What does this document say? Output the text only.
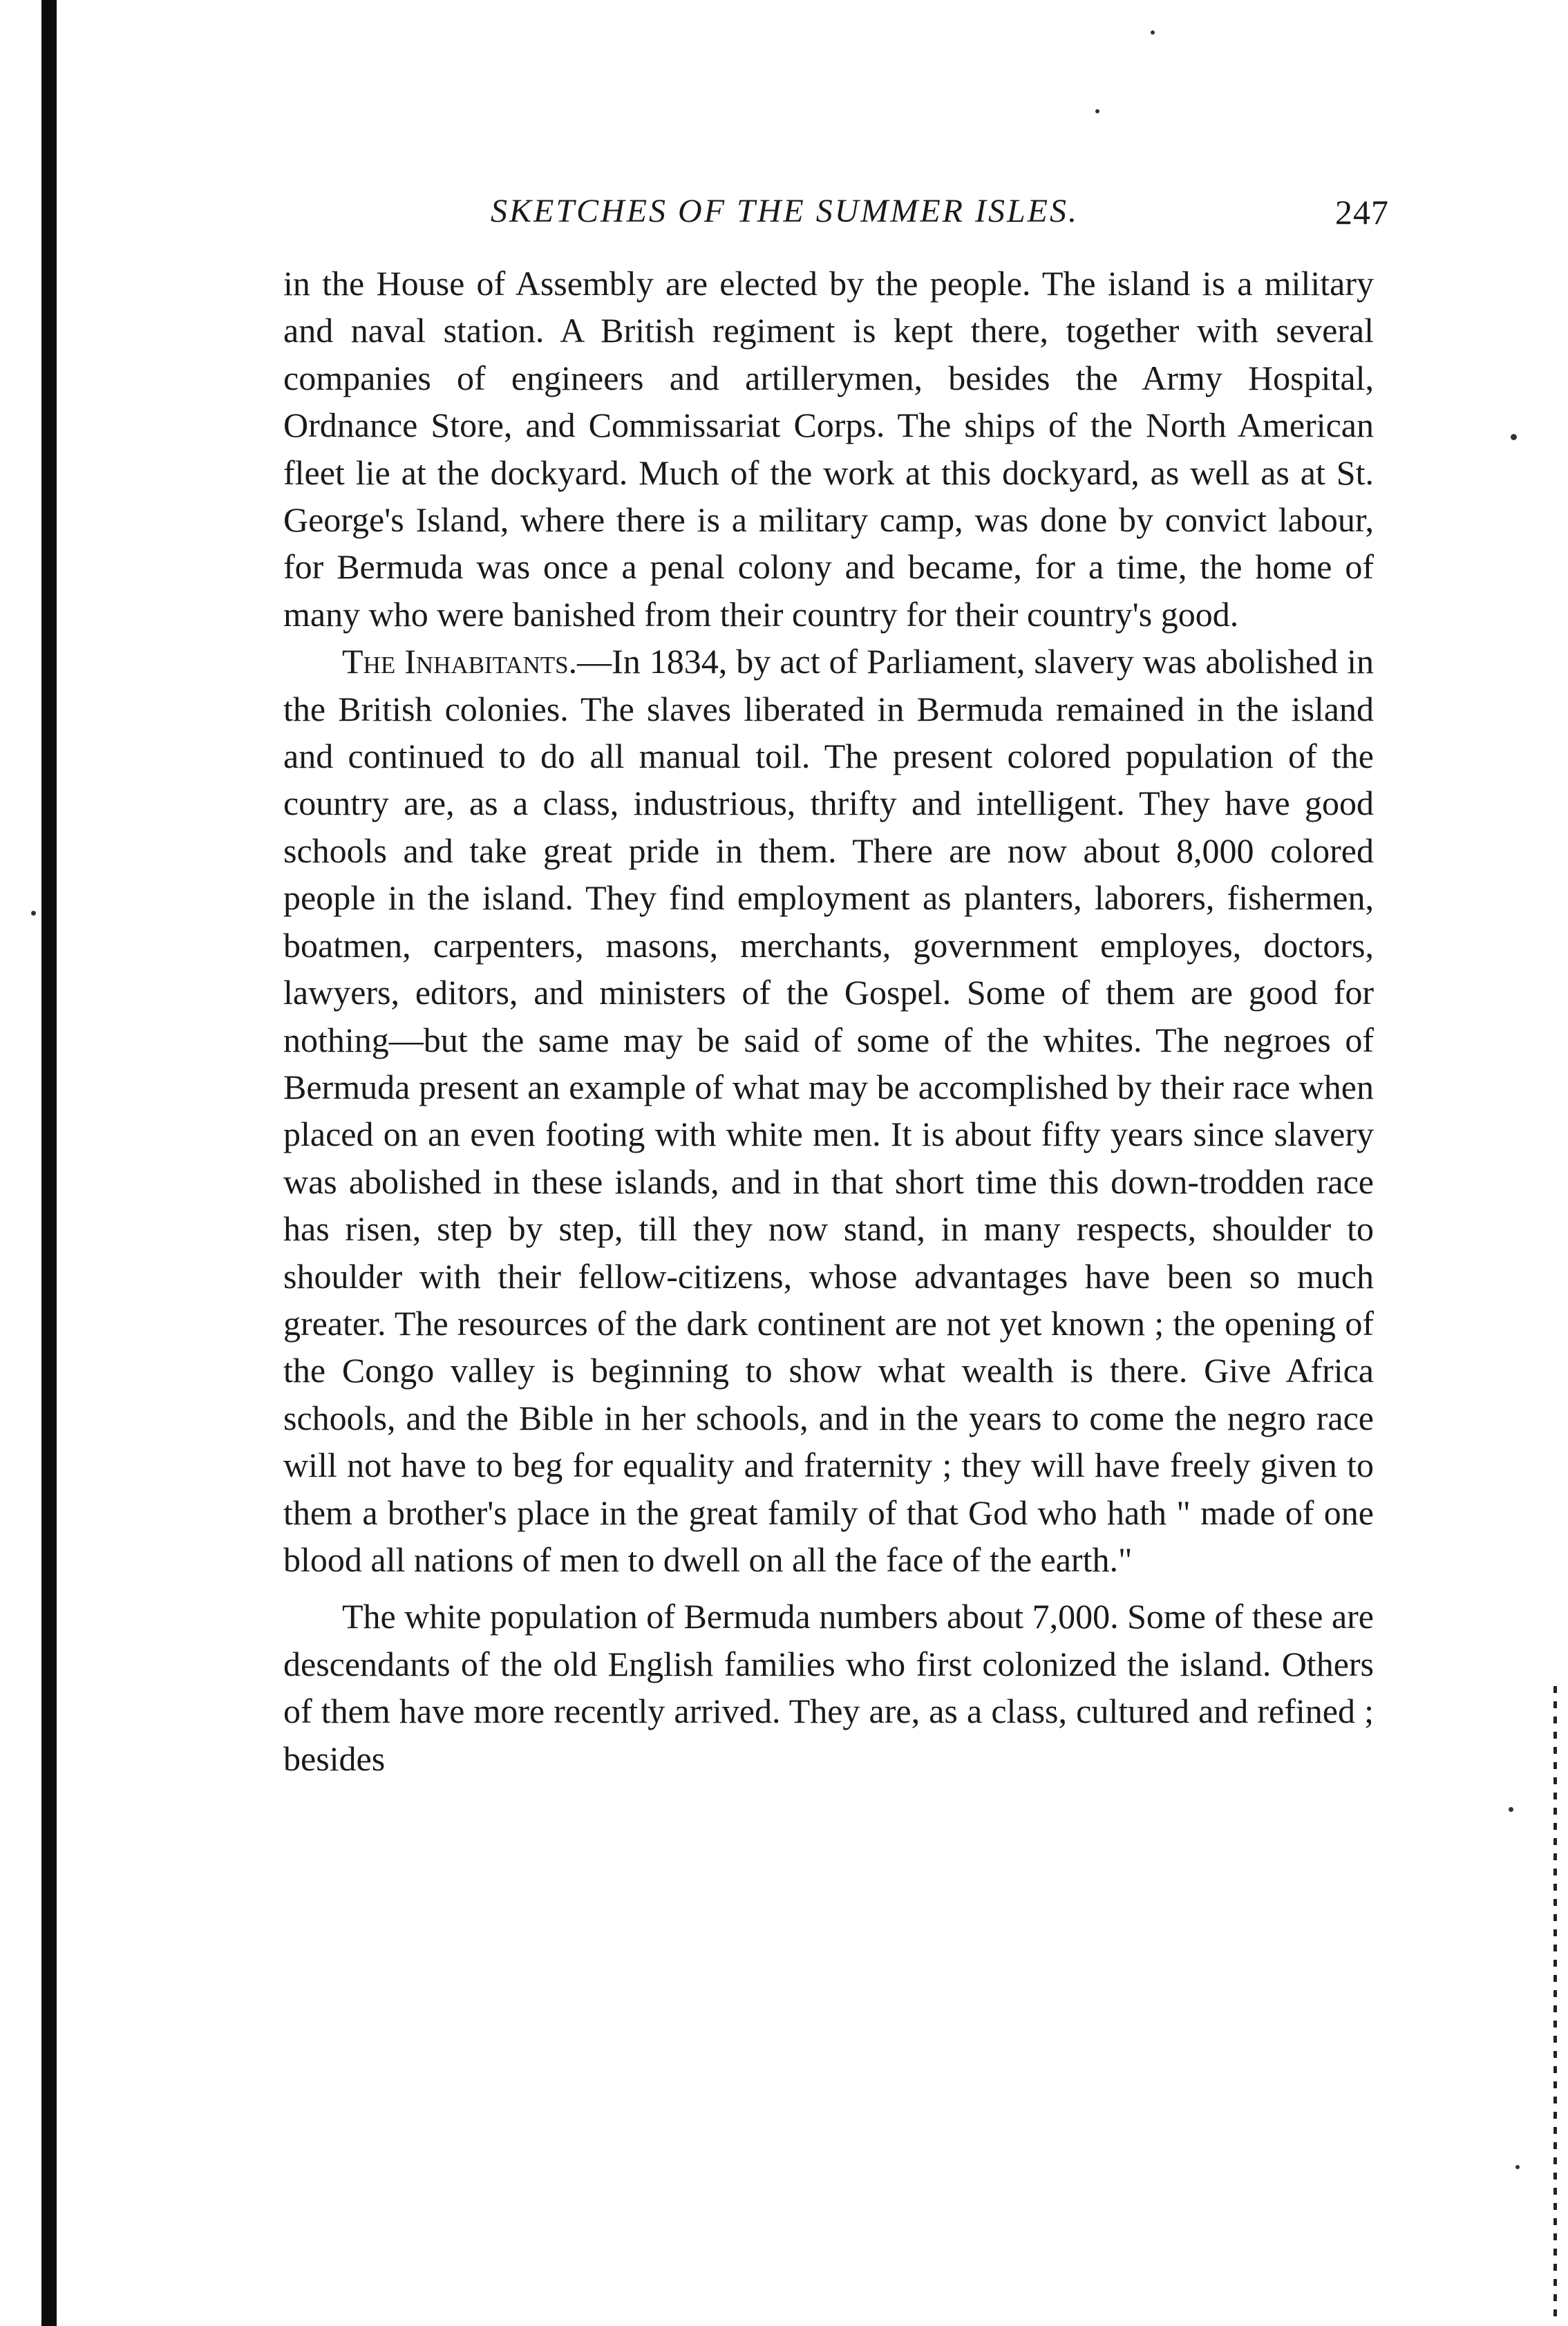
SKETCHES OF THE SUMMER ISLES.	247

in the House of Assembly are elected by the people. The island is a military and naval station. A British regiment is kept there, together with several companies of engineers and artillerymen, besides the Army Hospital, Ordnance Store, and Commissariat Corps. The ships of the North American fleet lie at the dockyard. Much of the work at this dockyard, as well as at St. George's Island, where there is a military camp, was done by convict labour, for Bermuda was once a penal colony and became, for a time, the home of many who were banished from their country for their country's good.

The Inhabitants.—In 1834, by act of Parliament, slavery was abolished in the British colonies. The slaves liberated in Bermuda remained in the island and continued to do all manual toil. The present colored population of the country are, as a class, industrious, thrifty and intelligent. They have good schools and take great pride in them. There are now about 8,000 colored people in the island. They find employment as planters, laborers, fishermen, boatmen, carpenters, masons, merchants, government employes, doctors, lawyers, editors, and ministers of the Gospel. Some of them are good for nothing—but the same may be said of some of the whites. The negroes of Bermuda present an example of what may be accomplished by their race when placed on an even footing with white men. It is about fifty years since slavery was abolished in these islands, and in that short time this down-trodden race has risen, step by step, till they now stand, in many respects, shoulder to shoulder with their fellow-citizens, whose advantages have been so much greater. The resources of the dark continent are not yet known ; the opening of the Congo valley is beginning to show what wealth is there. Give Africa schools, and the Bible in her schools, and in the years to come the negro race will not have to beg for equality and fraternity ; they will have freely given to them a brother's place in the great family of that God who hath " made of one blood all nations of men to dwell on all the face of the earth."

The white population of Bermuda numbers about 7,000. Some of these are descendants of the old English families who first colonized the island. Others of them have more recently arrived. They are, as a class, cultured and refined ; besides
